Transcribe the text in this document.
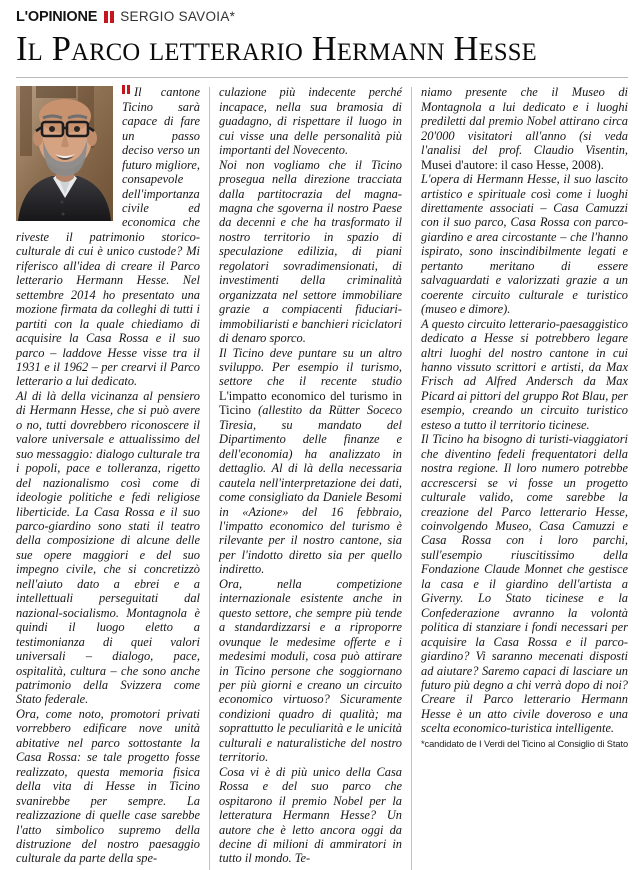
L'OPINIONE SERGIO SAVOIA*
Il Parco letterario Hermann Hesse

Il cantone Ticino sarà capace di fare un passo deciso verso un futuro migliore, consapevole dell'importanza civile ed economica che riveste il patrimonio storico-culturale di cui è unico custode? Mi riferisco all'idea di creare il Parco letterario Hermann Hesse. Nel settembre 2014 ho presentato una mozione firmata da colleghi di tutti i partiti con la quale chiediamo di acquisire la Casa Rossa e il suo parco – laddove Hesse visse tra il 1931 e il 1962 – per crearvi il Parco letterario a lui dedicato.

Al di là della vicinanza al pensiero di Hermann Hesse, che si può avere o no, tutti dovrebbero riconoscere il valore universale e attualissimo del suo messaggio: dialogo culturale tra i popoli, pace e tolleranza, rigetto del nazionalismo così come di ideologie politiche e fedi religiose liberticide. La Casa Rossa e il suo parco-giardino sono stati il teatro della composizione di alcune delle sue opere maggiori e del suo impegno civile, che si concretizzò nell'aiuto dato a ebrei e a intellettuali perseguitati dal nazional-socialismo. Montagnola è quindi il luogo eletto a testimonianza di quei valori universali – dialogo, pace, ospitalità, cultura – che sono anche patrimonio della Svizzera come Stato federale.

Ora, come noto, promotori privati vorrebbero edificare nove unità abitative nel parco sottostante la Casa Rossa: se tale progetto fosse realizzato, questa memoria fisica della vita di Hesse in Ticino svanirebbe per sempre. La realizzazione di quelle case sarebbe l'atto simbolico supremo della distruzione del nostro paesaggio culturale da parte della spe-

culazione più indecente perché incapace, nella sua bramosia di guadagno, di rispettare il luogo in cui visse una delle personalità più importanti del Novecento.

Noi non vogliamo che il Ticino prosegua nella direzione tracciata dalla partitocrazia del magna-magna che sgoverna il nostro Paese da decenni e che ha trasformato il nostro territorio in spazio di speculazione edilizia, di piani regolatori sovradimensionati, di investimenti della criminalità organizzata nel settore immobiliare grazie a compiacenti fiduciari-immobiliaristi e banchieri riciclatori di denaro sporco.

Il Ticino deve puntare su un altro sviluppo. Per esempio il turismo, settore che il recente studio L'impatto economico del turismo in Ticino (allestito da Rütter Soceco Tiresia, su mandato del Dipartimento delle finanze e dell'economia) ha analizzato in dettaglio. Al di là della necessaria cautela nell'interpretazione dei dati, come consigliato da Daniele Besomi in «Azione» del 16 febbraio, l'impatto economico del turismo è rilevante per il nostro cantone, sia per l'indotto diretto sia per quello indiretto.

Ora, nella competizione internazionale esistente anche in questo settore, che sempre più tende a standardizzarsi e a riproporre ovunque le medesime offerte e i medesimi moduli, cosa può attirare in Ticino persone che soggiornano per più giorni e creano un circuito economico virtuoso? Sicuramente condizioni quadro di qualità; ma soprattutto le peculiarità e le unicità culturali e naturalistiche del nostro territorio.

Cosa vi è di più unico della Casa Rossa e del suo parco che ospitarono il premio Nobel per la letteratura Hermann Hesse? Un autore che è letto ancora oggi da decine di milioni di ammiratori in tutto il mondo. Te-

niamo presente che il Museo di Montagnola a lui dedicato e i luoghi prediletti dal premio Nobel attirano circa 20'000 visitatori all'anno (si veda l'analisi del prof. Claudio Visentin, Musei d'autore: il caso Hesse, 2008).

L'opera di Hermann Hesse, il suo lascito artistico e spirituale così come i luoghi direttamente associati – Casa Camuzzi con il suo parco, Casa Rossa con parco-giardino e area circostante – che l'hanno ispirato, sono inscindibilmente legati e pertanto meritano di essere salvaguardati e valorizzati grazie a un coerente circuito culturale e turistico (museo e dimore).

A questo circuito letterario-paesaggistico dedicato a Hesse si potrebbero legare altri luoghi del nostro cantone in cui hanno vissuto scrittori e artisti, da Max Frisch ad Alfred Andersch da Max Picard ai pittori del gruppo Rot Blau, per esempio, creando un circuito turistico esteso a tutto il territorio ticinese.

Il Ticino ha bisogno di turisti-viaggiatori che diventino fedeli frequentatori della nostra regione. Il loro numero potrebbe accrescersi se vi fosse un progetto culturale valido, come sarebbe la creazione del Parco letterario Hesse, coinvolgendo Museo, Casa Camuzzi e Casa Rossa con i loro parchi, sull'esempio riuscitissimo della Fondazione Claude Monnet che gestisce la casa e il giardino dell'artista a Giverny. Lo Stato ticinese e la Confederazione avranno la volontà politica di stanziare i fondi necessari per acquisire la Casa Rossa e il parco-giardino? Vi saranno mecenati disposti ad aiutare? Saremo capaci di lasciare un futuro più degno a chi verrà dopo di noi? Creare il Parco letterario Hermann Hesse è un atto civile doveroso e una scelta economico-turistica intelligente.

*candidato de I Verdi del Ticino al Consiglio di Stato
